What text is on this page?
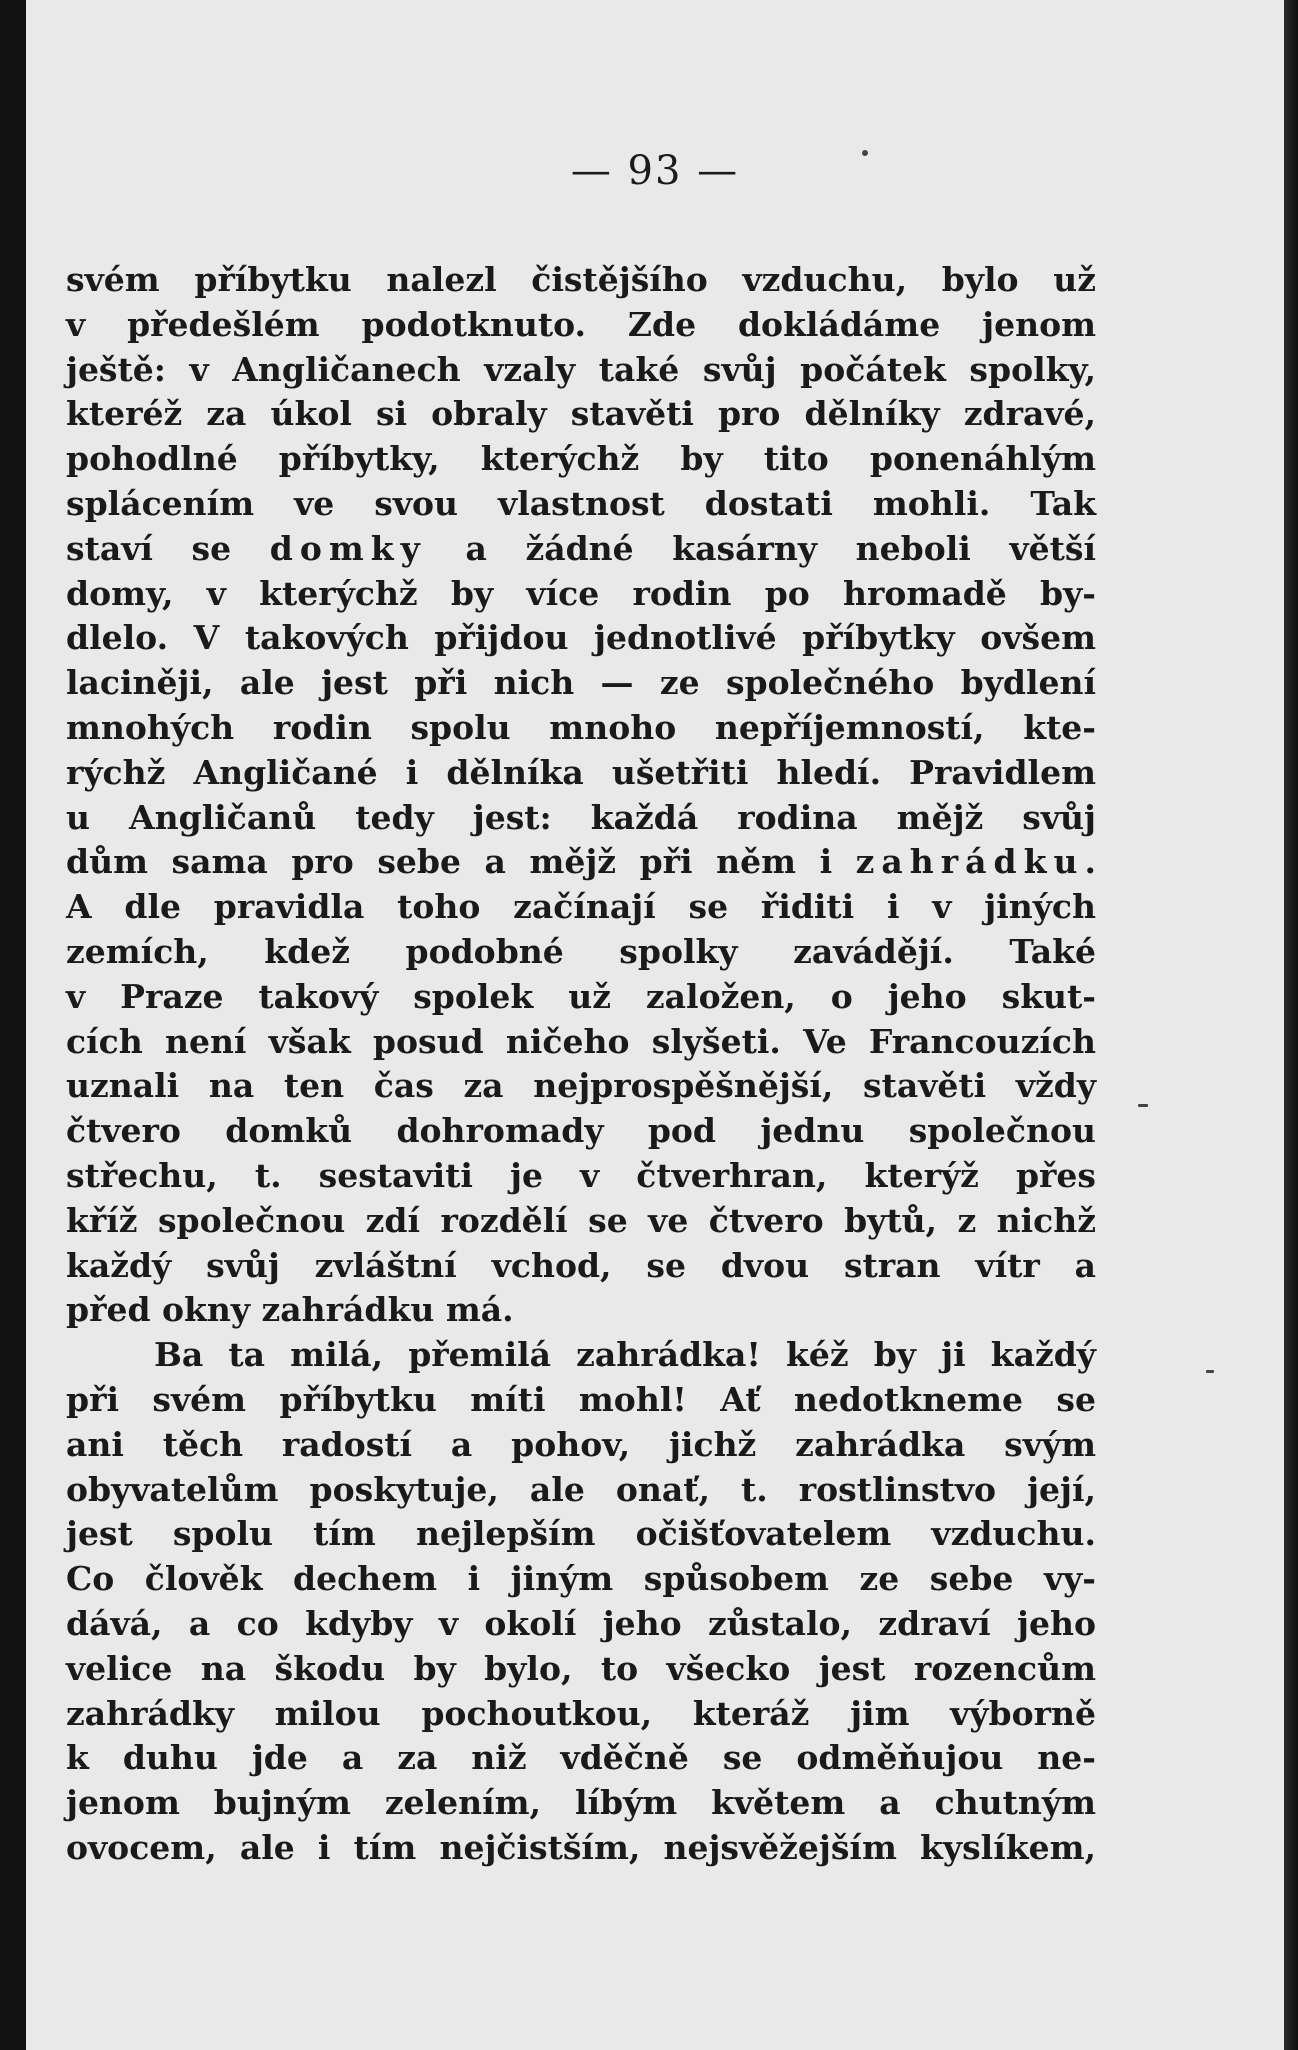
— 93 —
svém příbytku nalezl čistějšího vzduchu, bylo už
v předešlém podotknuto. Zde dokládáme jenom
ještě: v Angličanech vzaly také svůj počátek spolky,
kteréž za úkol si obraly stavěti pro dělníky zdravé,
pohodlné příbytky, kterýchž by tito ponenáhlým
splácením ve svou vlastnost dostati mohli. Tak
staví se domky a žádné kasárny neboli větší
domy, v kterýchž by více rodin po hromadě by-
dlelo. V takových přijdou jednotlivé příbytky ovšem
laciněji, ale jest při nich — ze společného bydlení
mnohých rodin spolu mnoho nepříjemností, kte-
rýchž Angličané i dělníka ušetřiti hledí. Pravidlem
u Angličanů tedy jest: každá rodina mějž svůj
dům sama pro sebe a mějž při něm i zahrádku.
A dle pravidla toho začínají se řiditi i v jiných
zemích, kdež podobné spolky zavádějí. Také
v Praze takový spolek už založen, o jeho skut-
cích není však posud ničeho slyšeti. Ve Francouzích
uznali na ten čas za nejprospěšnější, stavěti vždy
čtvero domků dohromady pod jednu společnou
střechu, t. sestaviti je v čtverhran, kterýž přes
kříž společnou zdí rozdělí se ve čtvero bytů, z nichž
každý svůj zvláštní vchod, se dvou stran vítr a
před okny zahrádku má.
Ba ta milá, přemilá zahrádka! kéž by ji každý
při svém příbytku míti mohl! Ať nedotkneme se
ani těch radostí a pohov, jichž zahrádka svým
obyvatelům poskytuje, ale onať, t. rostlinstvo její,
jest spolu tím nejlepším očišťovatelem vzduchu.
Co člověk dechem i jiným spůsobem ze sebe vy-
dává, a co kdyby v okolí jeho zůstalo, zdraví jeho
velice na škodu by bylo, to všecko jest rozencům
zahrádky milou pochoutkou, kteráž jim výborně
k duhu jde a za niž vděčně se odměňujou ne-
jenom bujným zelením, líbým květem a chutným
ovocem, ale i tím nejčistším, nejsvěžejším kyslíkem,
